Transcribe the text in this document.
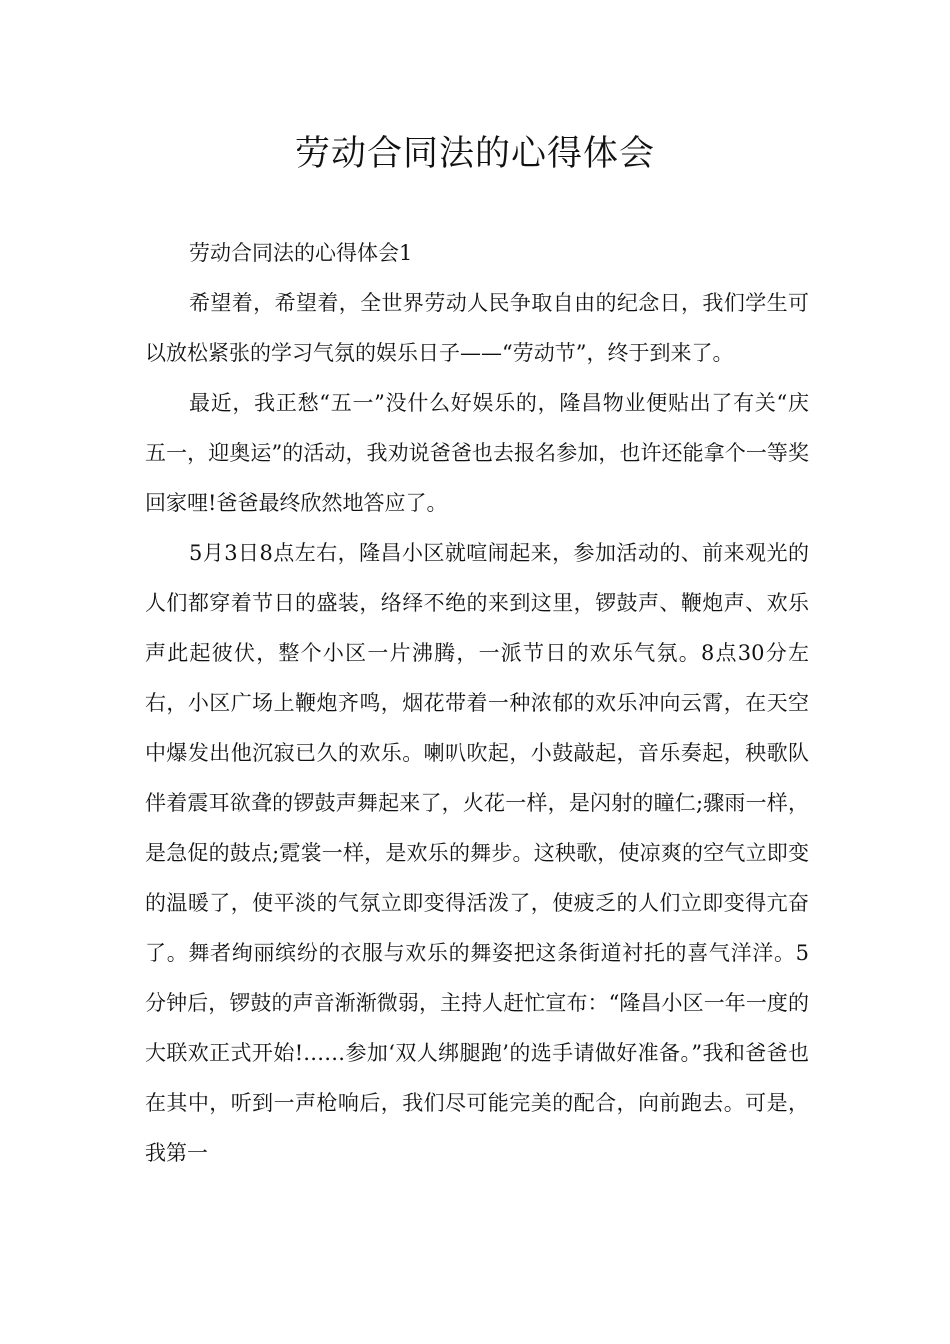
劳动合同法的心得体会

劳动合同法的心得体会1

希望着，希望着，全世界劳动人民争取自由的纪念日，我们学生可以放松紧张的学习气氛的娱乐日子——“劳动节”，终于到来了。

最近，我正愁“五一”没什么好娱乐的，隆昌物业便贴出了有关“庆五一，迎奥运”的活动，我劝说爸爸也去报名参加，也许还能拿个一等奖回家哩!爸爸最终欣然地答应了。

5月3日8点左右，隆昌小区就喧闹起来，参加活动的、前来观光的人们都穿着节日的盛装，络绎不绝的来到这里，锣鼓声、鞭炮声、欢乐声此起彼伏，整个小区一片沸腾，一派节日的欢乐气氛。8点30分左右，小区广场上鞭炮齐鸣，烟花带着一种浓郁的欢乐冲向云霄，在天空中爆发出他沉寂已久的欢乐。喇叭吹起，小鼓敲起，音乐奏起，秧歌队伴着震耳欲聋的锣鼓声舞起来了，火花一样，是闪射的瞳仁;骤雨一样，是急促的鼓点;霓裳一样，是欢乐的舞步。这秧歌，使凉爽的空气立即变的温暖了，使平淡的气氛立即变得活泼了，使疲乏的人们立即变得亢奋了。舞者绚丽缤纷的衣服与欢乐的舞姿把这条街道衬托的喜气洋洋。5分钟后，锣鼓的声音渐渐微弱，主持人赶忙宣布：“隆昌小区一年一度的大联欢正式开始!……参加‘双人绑腿跑’的选手请做好准备。”我和爸爸也在其中，听到一声枪响后，我们尽可能完美的配合，向前跑去。可是，我第一
